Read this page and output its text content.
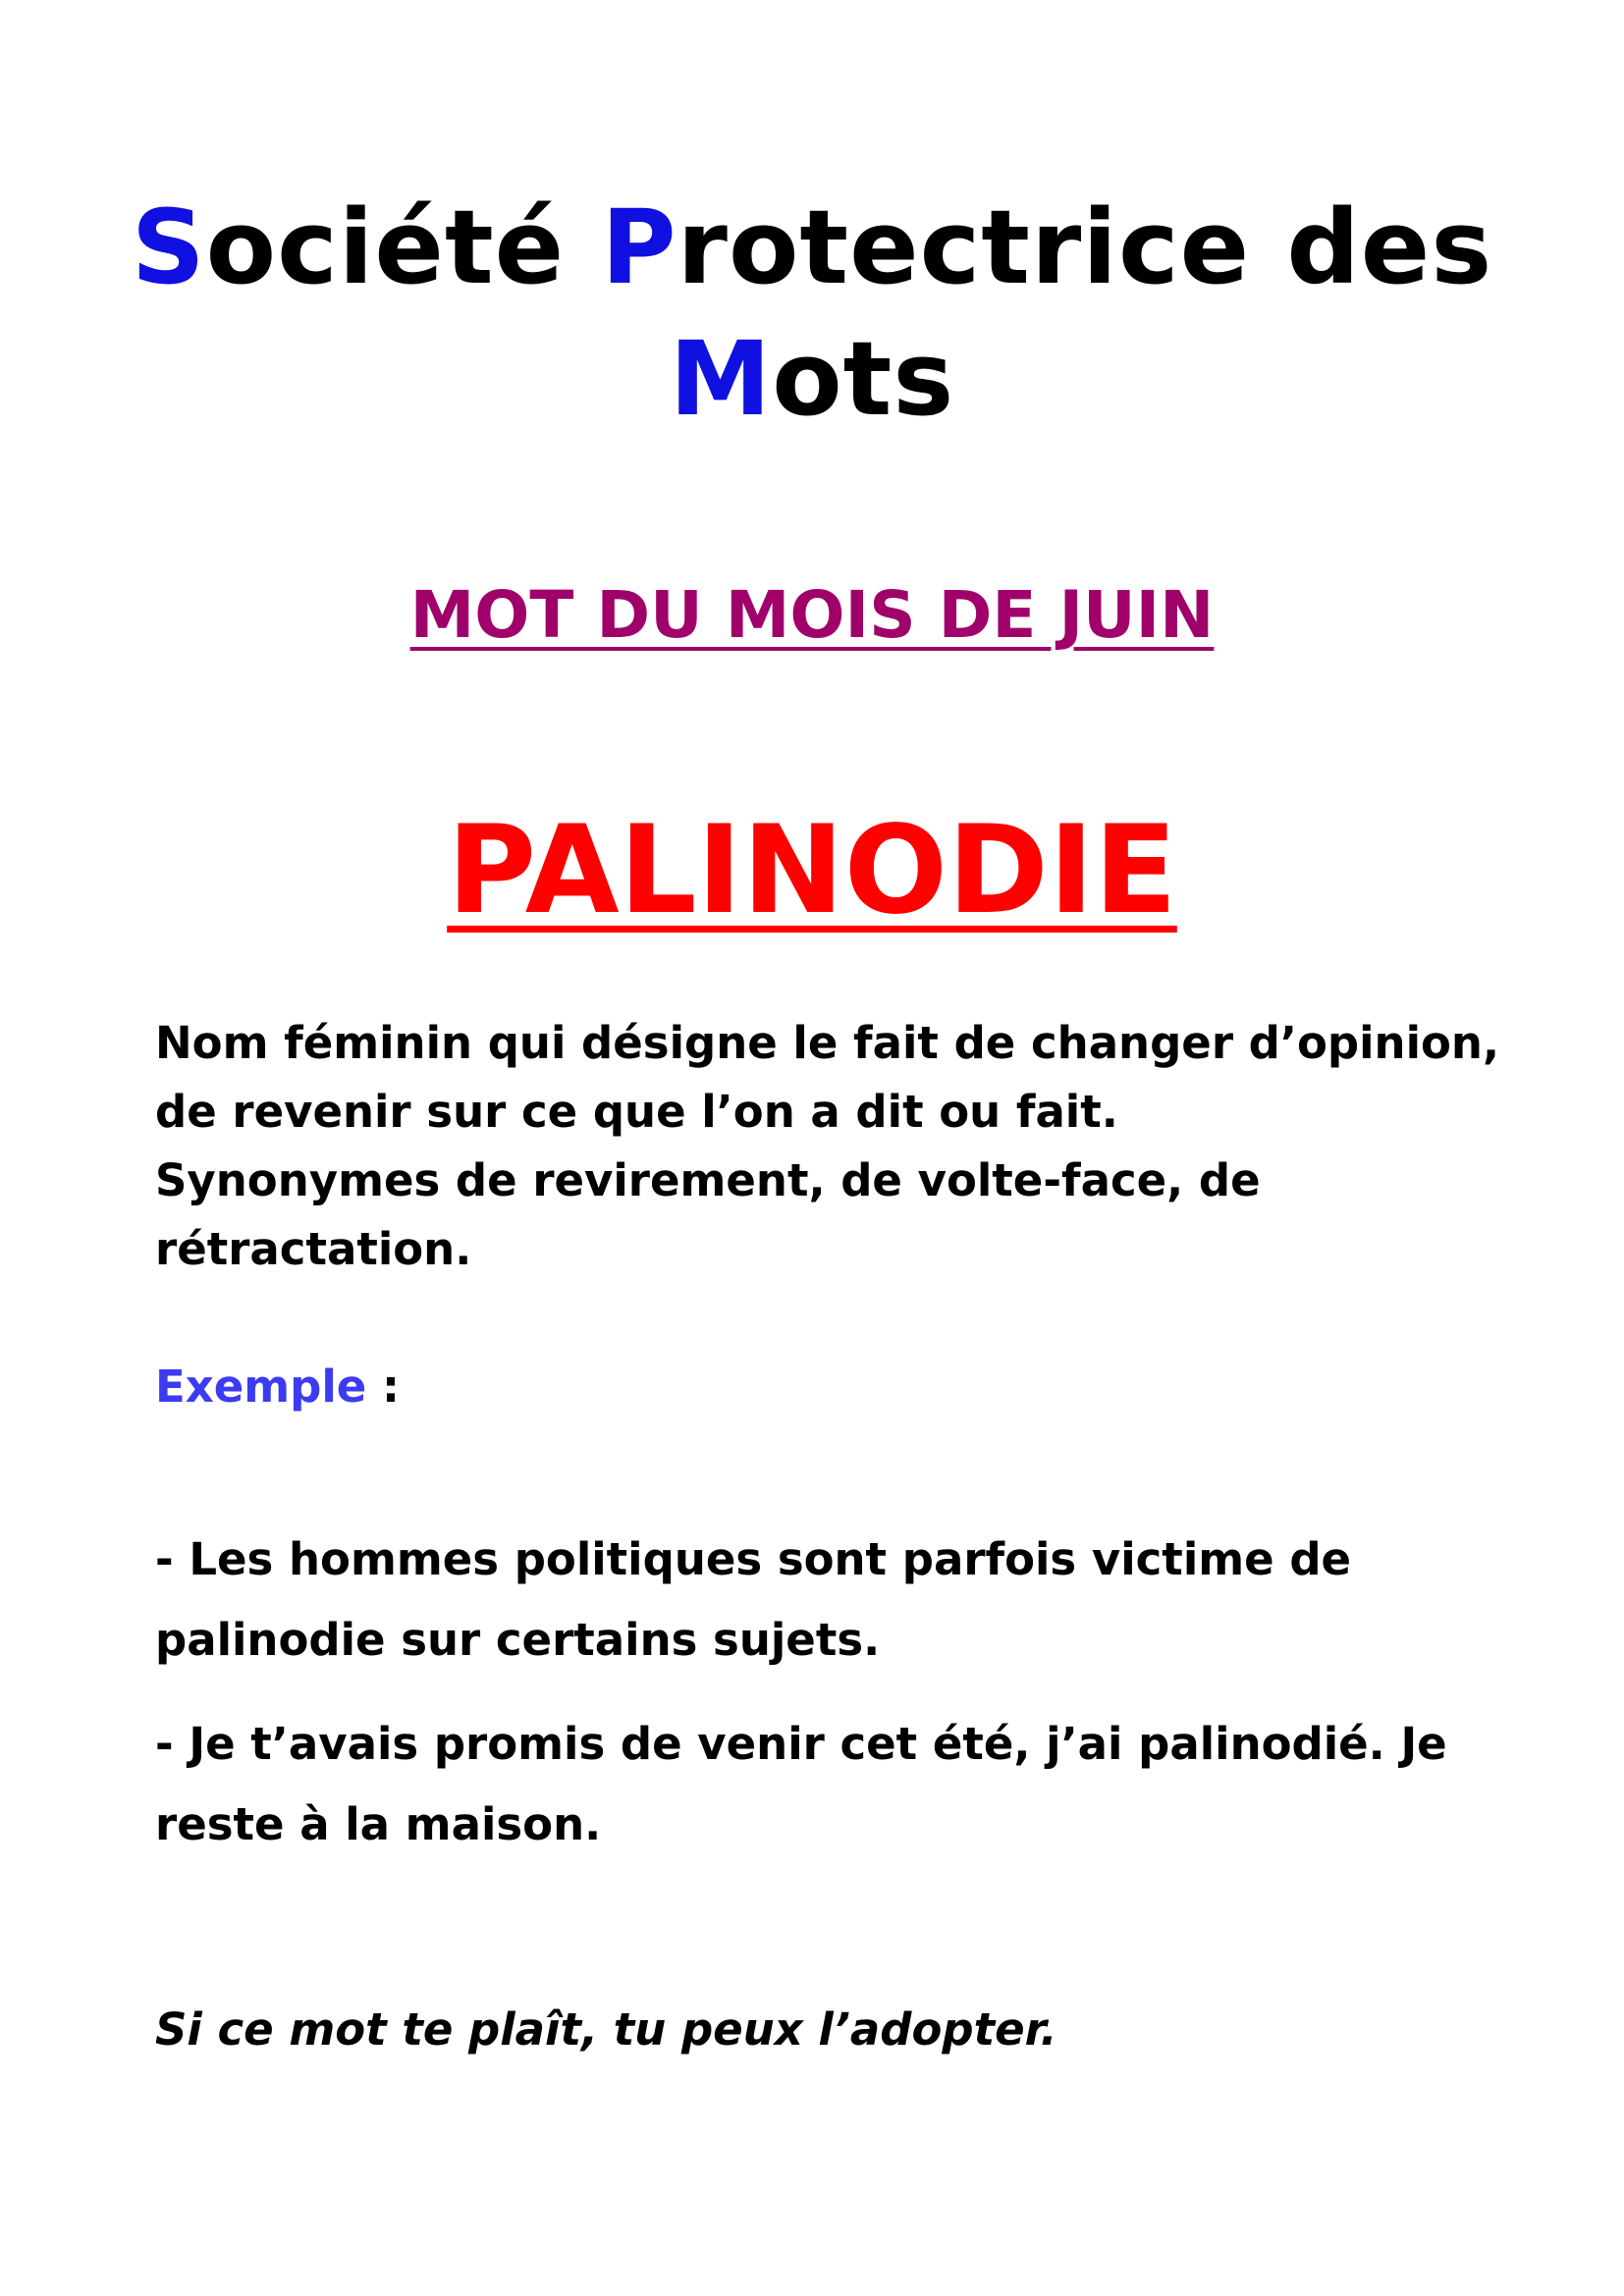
Société Protectrice des
Mots
MOT DU MOIS DE JUIN
PALINODIE

Nom féminin qui désigne le fait de changer d’opinion,
de revenir sur ce que l’on a dit ou fait.
Synonymes de revirement, de volte-face, de
rétractation.

Exemple :

- Les hommes politiques sont parfois victime de
palinodie sur certains sujets.

- Je t’avais promis de venir cet été, j’ai palinodié. Je
reste à la maison.

Si ce mot te plaît, tu peux l’adopter.
